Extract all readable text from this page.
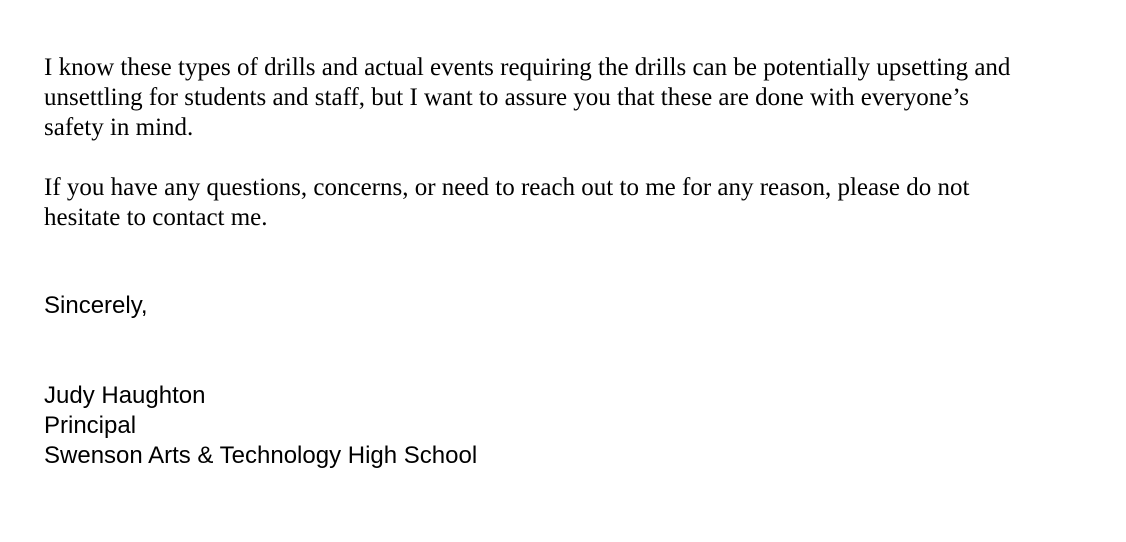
I know these types of drills and actual events requiring the drills can be potentially upsetting and
unsettling for students and staff, but I want to assure you that these are done with everyone’s
safety in mind.

If you have any questions, concerns, or need to reach out to me for any reason, please do not
hesitate to contact me.

Sincerely,

Judy Haughton
Principal
Swenson Arts & Technology High School
